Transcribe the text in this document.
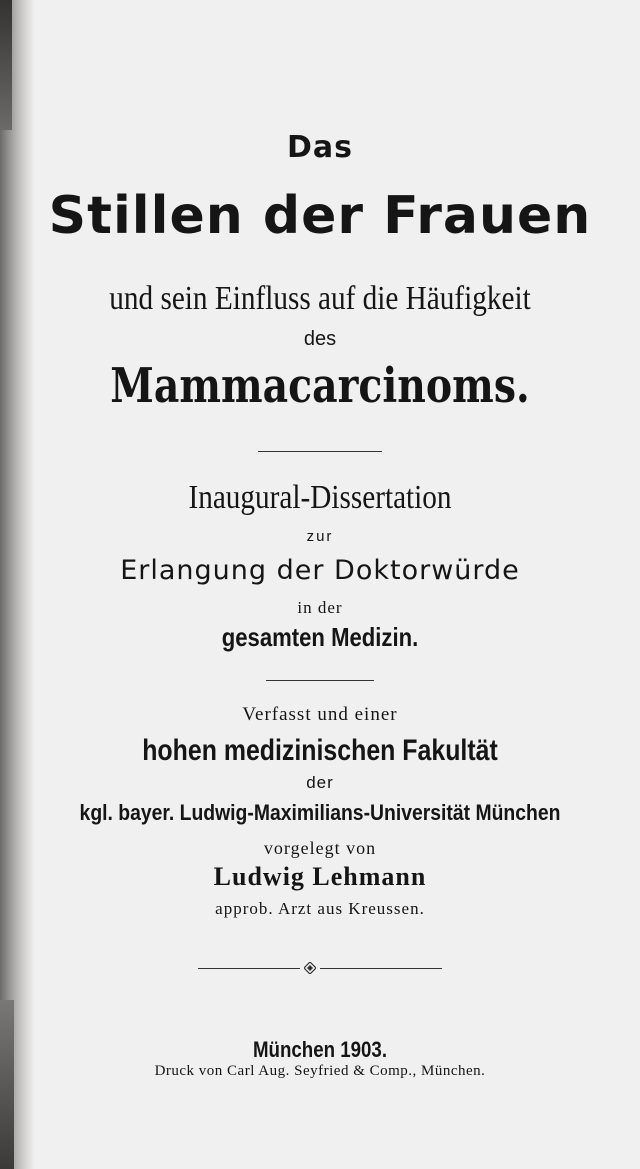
Das
Stillen der Frauen
und sein Einfluss auf die Häufigkeit
des
Mammacarcinoms.
Inaugural-Dissertation
zur
Erlangung der Doktorwürde
in der
gesamten Medizin.
Verfasst und einer
hohen medizinischen Fakultät
der
kgl. bayer. Ludwig-Maximilians-Universität München
vorgelegt von
Ludwig Lehmann
approb. Arzt aus Kreussen.
München 1903.
Druck von Carl Aug. Seyfried & Comp., München.
